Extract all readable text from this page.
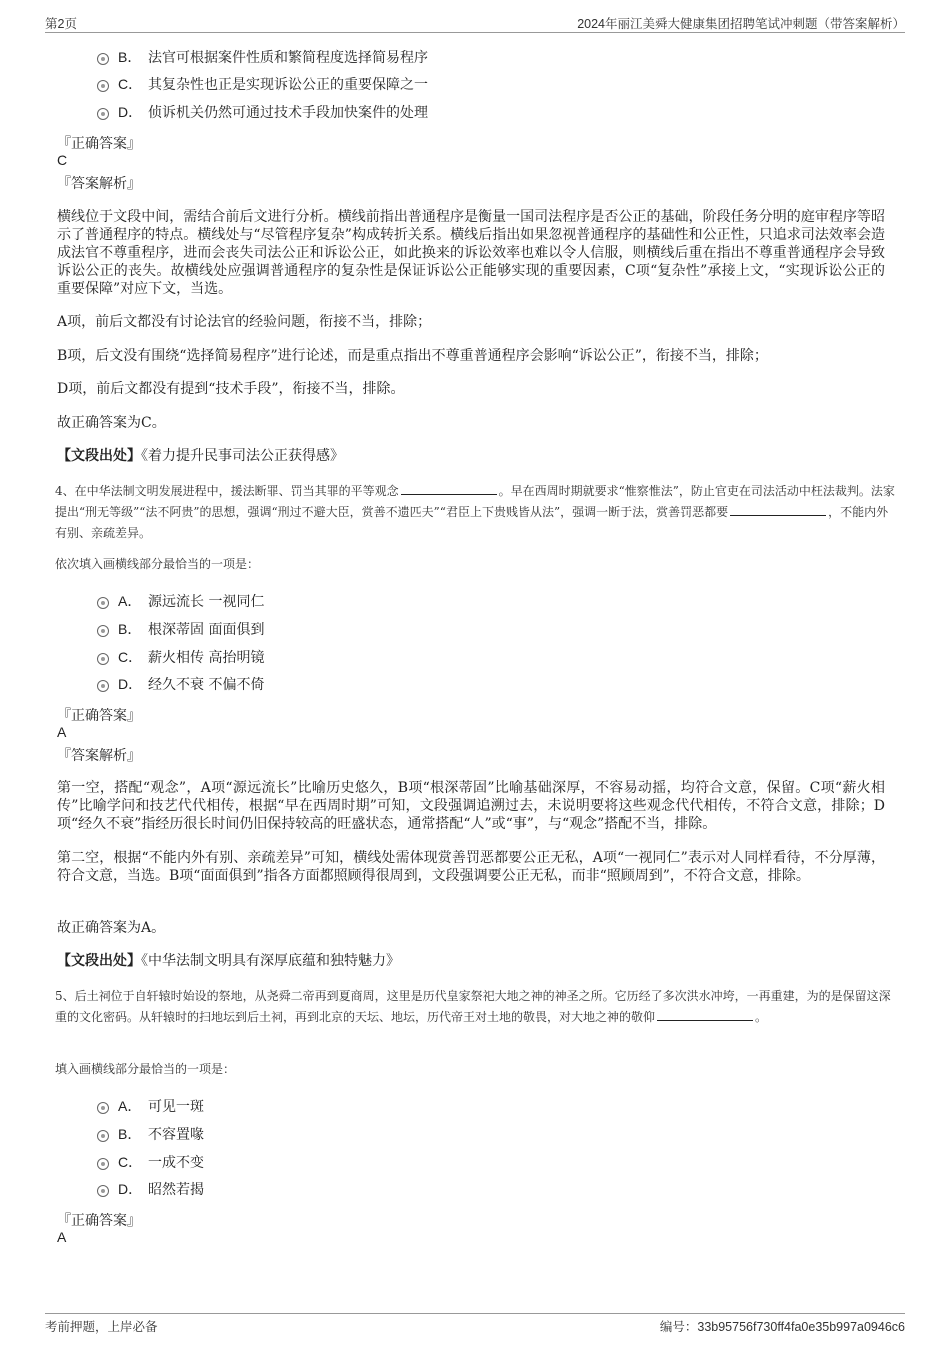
第2页	2024年丽江美舜大健康集团招聘笔试冲刺题（带答案解析）
B． 法官可根据案件性质和繁简程度选择简易程序
C． 其复杂性也正是实现诉讼公正的重要保障之一
D． 侦诉机关仍然可通过技术手段加快案件的处理
『正确答案』
C
『答案解析』
横线位于文段中间，需结合前后文进行分析。横线前指出普通程序是衡量一国司法程序是否公正的基础，阶段任务分明的庭审程序等昭示了普通程序的特点。横线处与“尽管程序复杂”构成转折关系。横线后指出如果忽视普通程序的基础性和公正性，只追求司法效率会造成法官不尊重程序，进而会丧失司法公正和诉讼公正，如此换来的诉讼效率也难以令人信服，则横线后重在指出不尊重普通程序会导致诉讼公正的丧失。故横线处应强调普通程序的复杂性是保证诉讼公正能够实现的重要因素，C项“复杂性”承接上文，“实现诉讼公正的重要保障”对应下文，当选。
A项，前后文都没有讨论法官的经验问题，衔接不当，排除；
B项，后文没有围绕“选择简易程序”进行论述，而是重点指出不尊重普通程序会影响“诉讼公正”，衔接不当，排除；
D项，前后文都没有提到“技术手段”，衔接不当，排除。
故正确答案为C。
【文段出处】《着力提升民事司法公正获得感》
4、在中华法制文明发展进程中，援法断罪、罚当其罪的平等观念	。早在西周时期就要求“惟察惟法”，防止官吏在司法活动中枉法裁判。法家提出“刑无等级”“法不阿贵”的思想，强调“刑过不避大臣，赏善不遗匹夫”“君臣上下贵贱皆从法”，强调一断于法，赏善罚恶都要	，不能内外有别、亲疏差异。
依次填入画横线部分最恰当的一项是：
A． 源远流长 一视同仁
B． 根深蒂固 面面俱到
C． 薪火相传 高抬明镜
D． 经久不衰 不偏不倚
『正确答案』
A
『答案解析』
第一空，搭配“观念”，A项“源远流长”比喻历史悠久，B项“根深蒂固”比喻基础深厚，不容易动摇，均符合文意，保留。C项“薪火相传”比喻学问和技艺代代相传，根据“早在西周时期”可知，文段强调追溯过去，未说明要将这些观念代代相传，不符合文意，排除；D项“经久不衰”指经历很长时间仍旧保持较高的旺盛状态，通常搭配“人”或“事”，与“观念”搭配不当，排除。
第二空，根据“不能内外有别、亲疏差异”可知，横线处需体现赏善罚恶都要公正无私，A项“一视同仁”表示对人同样看待，不分厚薄，符合文意，当选。B项“面面俱到”指各方面都照顾得很周到，文段强调要公正无私，而非“照顾周到”，不符合文意，排除。
故正确答案为A。
【文段出处】《中华法制文明具有深厚底蕴和独特魅力》
5、后土祠位于自轩辕时始设的祭地，从尧舜二帝再到夏商周，这里是历代皇家祭祀大地之神的神圣之所。它历经了多次洪水冲垮，一再重建，为的是保留这深重的文化密码。从轩辕时的扫地坛到后土祠，再到北京的天坛、地坛，历代帝王对土地的敬畏，对大地之神的敬仰	。
填入画横线部分最恰当的一项是：
A． 可见一斑
B． 不容置喙
C． 一成不变
D． 昭然若揭
『正确答案』
A
考前押题，上岸必备	编号：33b95756f730ff4fa0e35b997a0946c6
